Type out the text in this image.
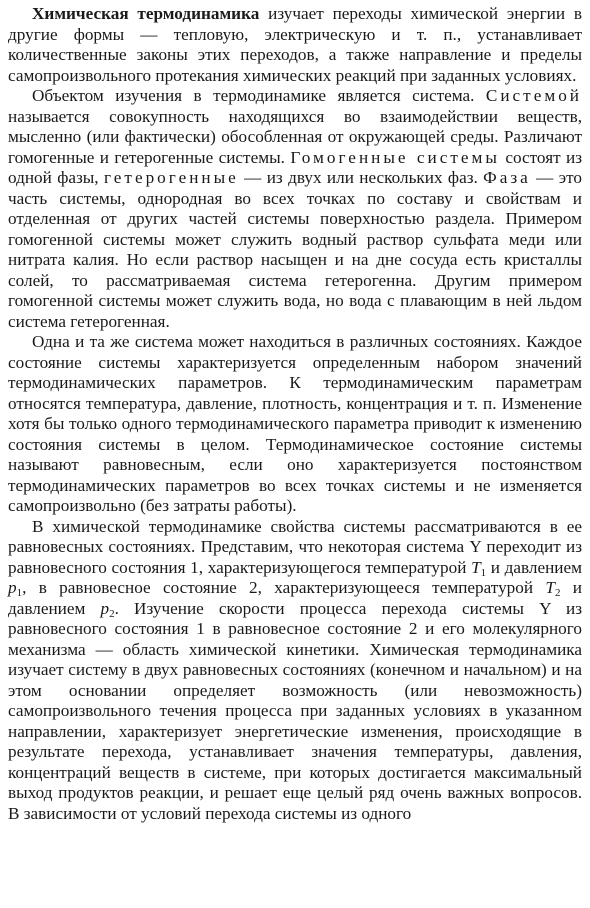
Химическая термодинамика изучает переходы химической энергии в другие формы — тепловую, электрическую и т. п., устанавливает количественные законы этих переходов, а также направление и пределы самопроизвольного протекания химических реакций при заданных условиях.

Объектом изучения в термодинамике является система. Системой называется совокупность находящихся во взаимодействии веществ, мысленно (или фактически) обособленная от окружающей среды. Различают гомогенные и гетерогенные системы. Гомогенные системы состоят из одной фазы, гетерогенные — из двух или нескольких фаз. Фаза — это часть системы, однородная во всех точках по составу и свойствам и отделенная от других частей системы поверхностью раздела. Примером гомогенной системы может служить водный раствор сульфата меди или нитрата калия. Но если раствор насыщен и на дне сосуда есть кристаллы солей, то рассматриваемая система гетерогенна. Другим примером гомогенной системы может служить вода, но вода с плавающим в ней льдом система гетерогенная.

Одна и та же система может находиться в различных состояниях. Каждое состояние системы характеризуется определенным набором значений термодинамических параметров. К термодинамическим параметрам относятся температура, давление, плотность, концентрация и т. п. Изменение хотя бы только одного термодинамического параметра приводит к изменению состояния системы в целом. Термодинамическое состояние системы называют равновесным, если оно характеризуется постоянством термодинамических параметров во всех точках системы и не изменяется самопроизвольно (без затраты работы).

В химической термодинамике свойства системы рассматриваются в ее равновесных состояниях. Представим, что некоторая система Y переходит из равновесного состояния 1, характеризующегося температурой $T_1$ и давлением $p_1$, в равновесное состояние 2, характеризующееся температурой $T_2$ и давлением $p_2$. Изучение скорости процесса перехода системы Y из равновесного состояния 1 в равновесное состояние 2 и его молекулярного механизма — область химической кинетики. Химическая термодинамика изучает систему в двух равновесных состояниях (конечном и начальном) и на этом основании определяет возможность (или невозможность) самопроизвольного течения процесса при заданных условиях в указанном направлении, характеризует энергетические изменения, происходящие в результате перехода, устанавливает значения температуры, давления, концентраций веществ в системе, при которых достигается максимальный выход продуктов реакции, и решает еще целый ряд очень важных вопросов. В зависимости от условий перехода системы из одного
